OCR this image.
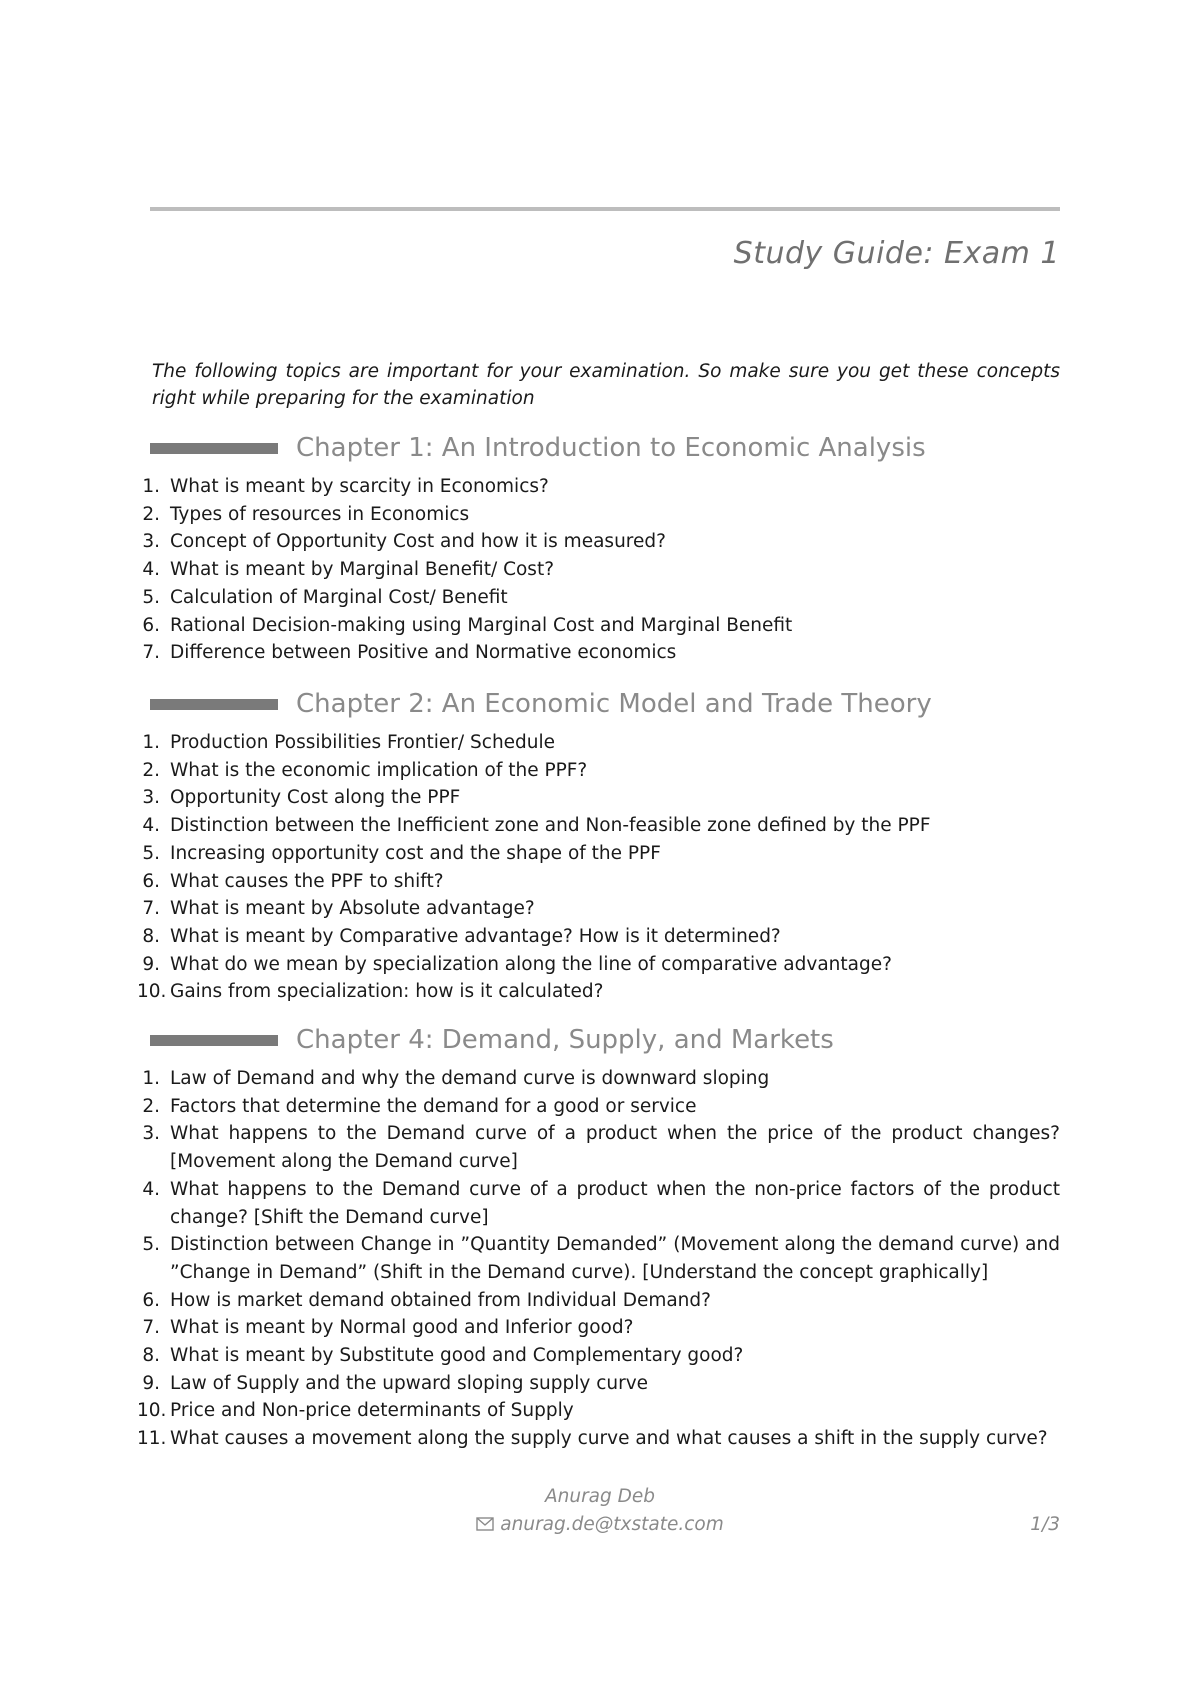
Study Guide: Exam 1
The following topics are important for your examination. So make sure you get these concepts right while preparing for the examination
Chapter 1: An Introduction to Economic Analysis
1. What is meant by scarcity in Economics?
2. Types of resources in Economics
3. Concept of Opportunity Cost and how it is measured?
4. What is meant by Marginal Benefit/ Cost?
5. Calculation of Marginal Cost/ Benefit
6. Rational Decision-making using Marginal Cost and Marginal Benefit
7. Difference between Positive and Normative economics
Chapter 2: An Economic Model and Trade Theory
1. Production Possibilities Frontier/ Schedule
2. What is the economic implication of the PPF?
3. Opportunity Cost along the PPF
4. Distinction between the Inefficient zone and Non-feasible zone defined by the PPF
5. Increasing opportunity cost and the shape of the PPF
6. What causes the PPF to shift?
7. What is meant by Absolute advantage?
8. What is meant by Comparative advantage? How is it determined?
9. What do we mean by specialization along the line of comparative advantage?
10. Gains from specialization: how is it calculated?
Chapter 4: Demand, Supply, and Markets
1. Law of Demand and why the demand curve is downward sloping
2. Factors that determine the demand for a good or service
3. What happens to the Demand curve of a product when the price of the product changes? [Movement along the Demand curve]
4. What happens to the Demand curve of a product when the non-price factors of the product change? [Shift the Demand curve]
5. Distinction between Change in ”Quantity Demanded” (Movement along the demand curve) and ”Change in Demand” (Shift in the Demand curve). [Understand the concept graphically]
6. How is market demand obtained from Individual Demand?
7. What is meant by Normal good and Inferior good?
8. What is meant by Substitute good and Complementary good?
9. Law of Supply and the upward sloping supply curve
10. Price and Non-price determinants of Supply
11. What causes a movement along the supply curve and what causes a shift in the supply curve?
Anurag Deb
anurag.de@txstate.com	1/3
